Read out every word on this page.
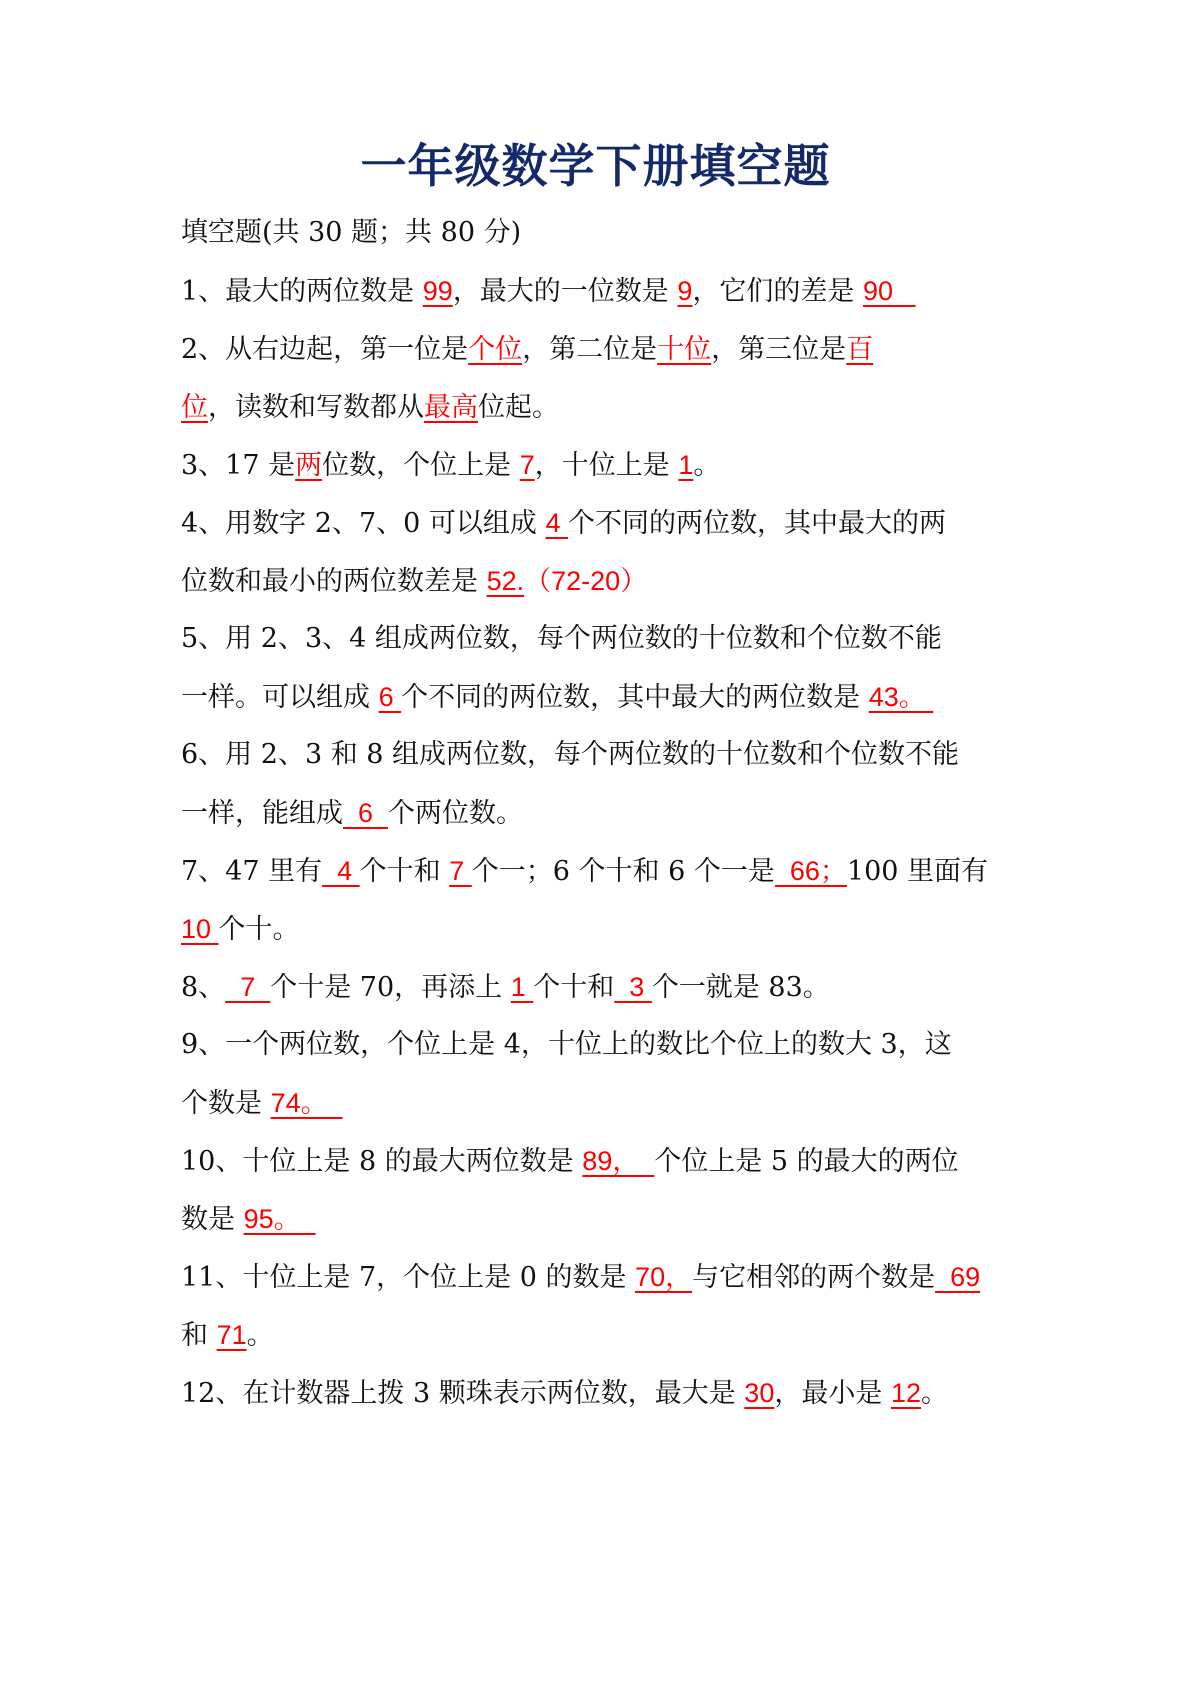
一年级数学下册填空题
填空题(共 30 题；共 80 分)
1、最大的两位数是 99，最大的一位数是 9，它们的差是 90
2、从右边起，第一位是个位，第二位是十位，第三位是百
位，读数和写数都从最高位起。
3、17 是两位数，个位上是 7，十位上是 1。
4、用数字 2、7、0 可以组成 4 个不同的两位数，其中最大的两
位数和最小的两位数差是 52.（72-20）
5、用 2、3、4 组成两位数，每个两位数的十位数和个位数不能
一样。可以组成 6 个不同的两位数，其中最大的两位数是 43。
6、用 2、3 和 8 组成两位数，每个两位数的十位数和个位数不能
一样，能组成  6  个两位数。
7、47 里有  4 个十和 7 个一；6 个十和 6 个一是  66；100 里面有
10 个十。
8、  7  个十是 70，再添上 1 个十和  3 个一就是 83。
9、一个两位数，个位上是 4，十位上的数比个位上的数大 3，这
个数是 74。
10、十位上是 8 的最大两位数是 89，  个位上是 5 的最大的两位
数是 95。
11、十位上是 7，个位上是 0 的数是 70，与它相邻的两个数是  69
和 71。
12、在计数器上拨 3 颗珠表示两位数，最大是 30，最小是 12。
